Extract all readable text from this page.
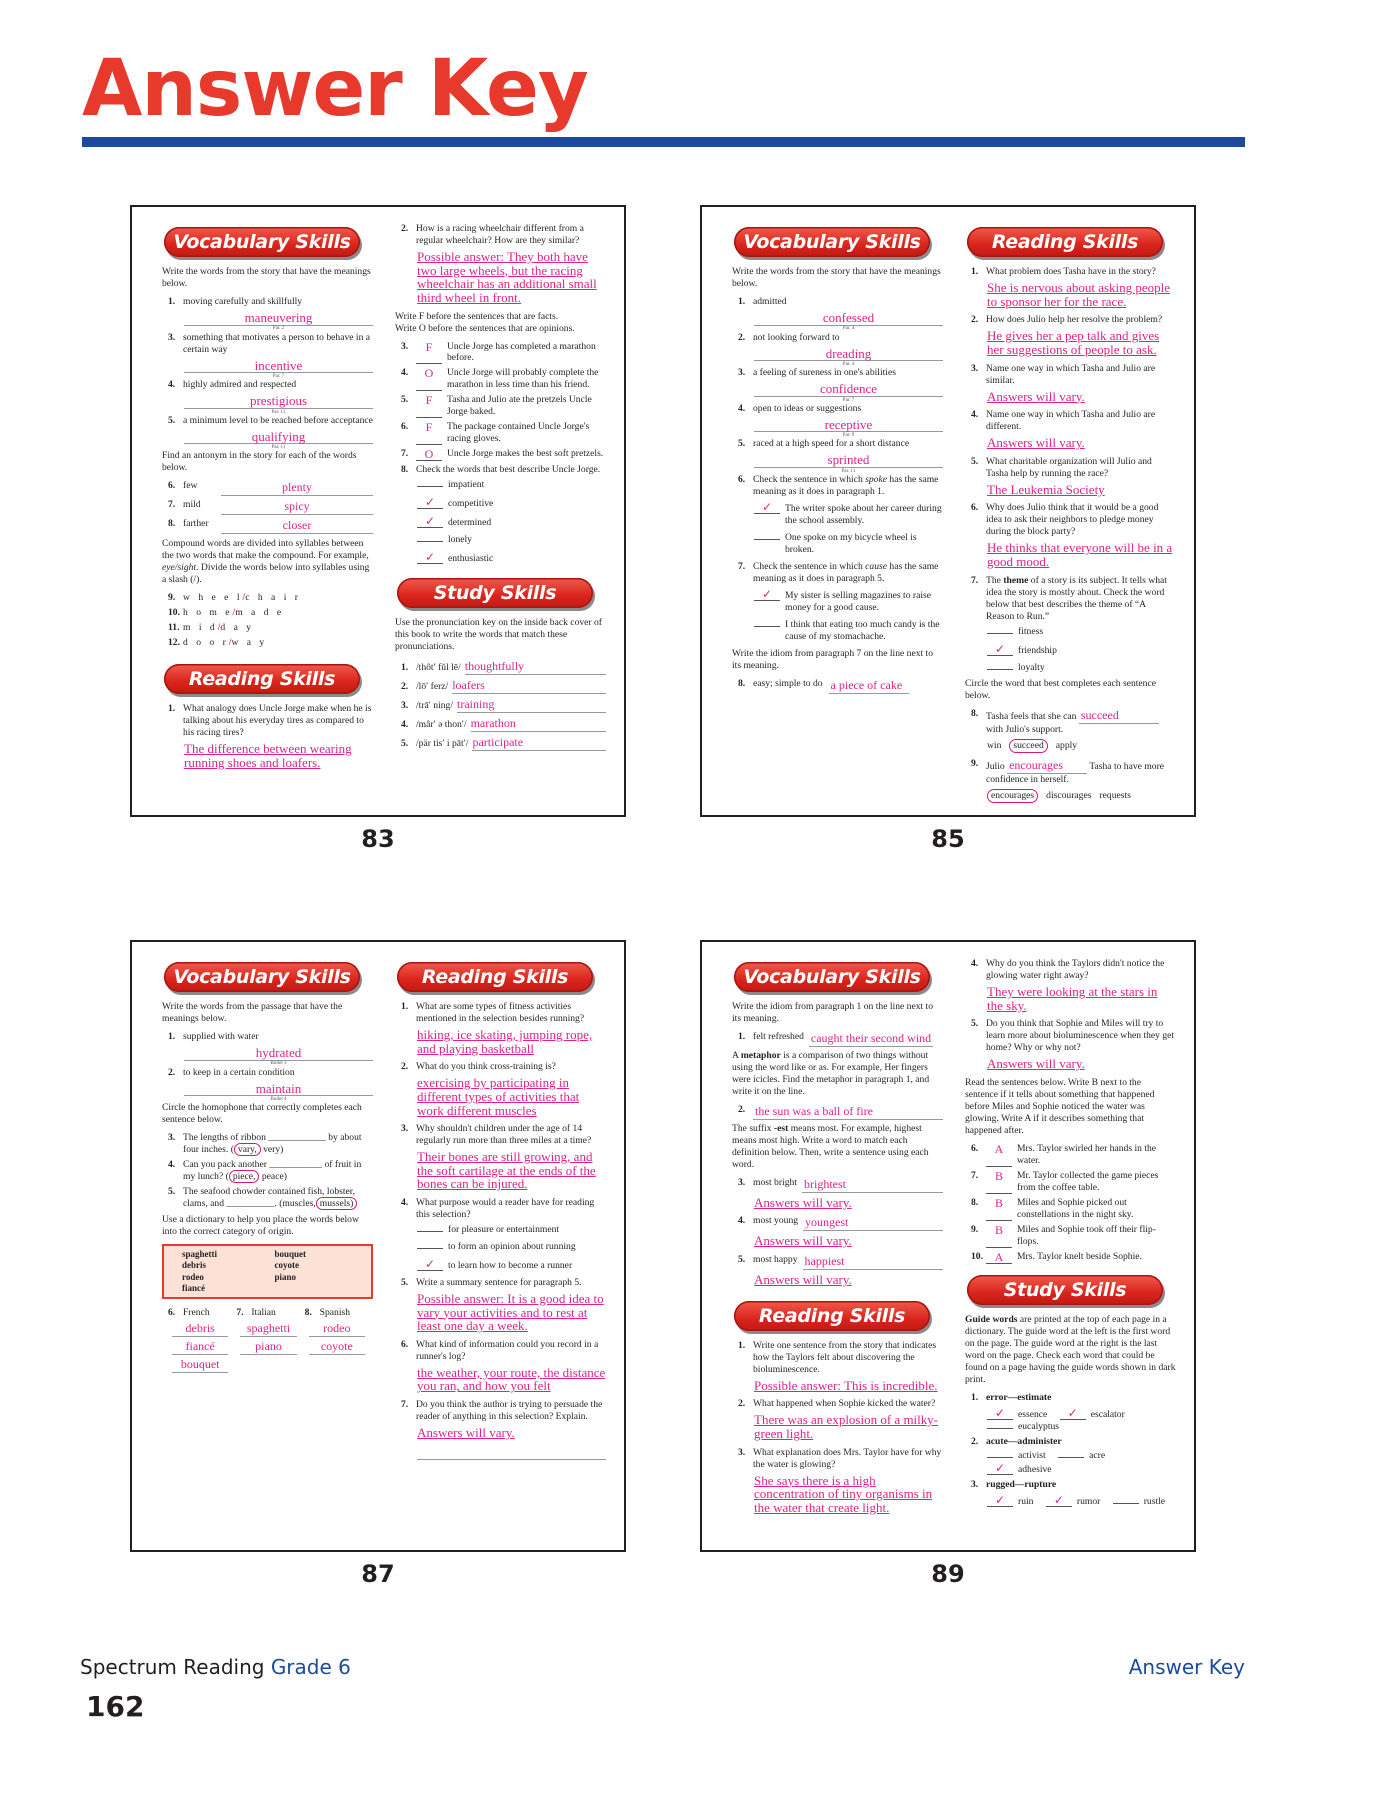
Answer Key
Vocabulary Skills
Write the words from the story that have the meanings below.
1. moving carefully and skillfully
maneuvering
Par. 2
3. something that motivates a person to behave in a certain way
incentive
Par. 7
4. highly admired and respected
prestigious
Par. 11
5. a minimum level to be reached before acceptance
qualifying
Par. 11
Find an antonym in the story for each of the words below.
6. few	plenty
7. mild	spicy
8. farther	closer
Compound words are divided into syllables between the two words that make the compound. For example, eye/sight. Divide the words below into syllables using a slash (/).
9. w h e e l/c h a i r
10. h o m e/m a d e
11. m i d/d a y
12. d o o r/w a y
Reading Skills
1. What analogy does Uncle Jorge make when he is talking about his everyday tires as compared to his racing tires?
The difference between wearing running shoes and loafers.
2. How is a racing wheelchair different from a regular wheelchair? How are they similar?
Possible answer: They both have two large wheels, but the racing wheelchair has an additional small third wheel in front.
Write F before the sentences that are facts.
Write O before the sentences that are opinions.
3.	F	Uncle Jorge has completed a marathon before.
4.	O	Uncle Jorge will probably complete the marathon in less time than his friend.
5.	F	Tasha and Julio ate the pretzels Uncle Jorge baked.
6.	F	The package contained Uncle Jorge's racing gloves.
7.	O	Uncle Jorge makes the best soft pretzels.
8. Check the words that best describe Uncle Jorge.
impatient
✓	competitive
✓	determined
lonely
✓	enthusiastic
Study Skills
Use the pronunciation key on the inside back cover of this book to write the words that match these pronunciations.
1. /thôt′ fŭl lē/ thoughtfully
2. /lō′ ferz/ loafers
3. /trā′ ning/ training
4. /mâr′ ə thon′/ marathon
5. /pär tis′ i pāt′/ participate
83
Vocabulary Skills
Write the words from the story that have the meanings below.
1. admitted
confessed
Par. 4
2. not looking forward to
dreading
Par. 4
3. a feeling of sureness in one's abilities
confidence
Par. 7
4. open to ideas or suggestions
receptive
Par. 9
5. raced at a high speed for a short distance
sprinted
Par. 11
6. Check the sentence in which spoke has the same meaning as it does in paragraph 1.
✓	The writer spoke about her career during the school assembly.
One spoke on my bicycle wheel is broken.
7. Check the sentence in which cause has the same meaning as it does in paragraph 5.
✓	My sister is selling magazines to raise money for a good cause.
I think that eating too much candy is the cause of my stomachache.
Write the idiom from paragraph 7 on the line next to its meaning.
8. easy; simple to do a piece of cake
Reading Skills
1. What problem does Tasha have in the story?
She is nervous about asking people to sponsor her for the race.
2. How does Julio help her resolve the problem?
He gives her a pep talk and gives her suggestions of people to ask.
3. Name one way in which Tasha and Julio are similar.
Answers will vary.
4. Name one way in which Tasha and Julio are different.
Answers will vary.
5. What charitable organization will Julio and Tasha help by running the race?
The Leukemia Society
6. Why does Julio think that it would be a good idea to ask their neighbors to pledge money during the block party?
He thinks that everyone will be in a good mood.
7. The theme of a story is its subject. It tells what idea the story is mostly about. Check the word below that best describes the theme of “A Reason to Run.”
fitness
✓	friendship
loyalty
Circle the word that best completes each sentence below.
8. Tasha feels that she can succeed with Julio's support.
win	succeed	apply
9. Julio encourages	Tasha to have more confidence in herself.
encourages	discourages requests
85
Vocabulary Skills
Write the words from the passage that have the meanings below.
1. supplied with water
hydrated
Bullet 3
2. to keep in a certain condition
maintain
Bullet 4
Circle the homophone that correctly completes each sentence below.
3. The lengths of ribbon ____________ by about four inches. ( vary, very)
4. Can you pack another ___________ of fruit in my lunch? ( piece, peace)
5. The seafood chowder contained fish, lobster, clams, and __________. (muscles, mussels)
Use a dictionary to help you place the words below into the correct category of origin.
spaghetti
debris
rodeo
fiancé
bouquet
coyote
piano
6. French
debris
fiancé
bouquet
7. Italian
spaghetti
piano
8. Spanish
rodeo
coyote
Reading Skills
1. What are some types of fitness activities mentioned in the selection besides running?
hiking, ice skating, jumping rope, and playing basketball
2. What do you think cross-training is?
exercising by participating in different types of activities that work different muscles
3. Why shouldn't children under the age of 14 regularly run more than three miles at a time?
Their bones are still growing, and the soft cartilage at the ends of the bones can be injured.
4. What purpose would a reader have for reading this selection?
for pleasure or entertainment
to form an opinion about running
✓	to learn how to become a runner
5. Write a summary sentence for paragraph 5.
Possible answer: It is a good idea to vary your activities and to rest at least one day a week.
6. What kind of information could you record in a runner's log?
the weather, your route, the distance you ran, and how you felt
7. Do you think the author is trying to persuade the reader of anything in this selection? Explain.
Answers will vary.

87
Vocabulary Skills
Write the idiom from paragraph 1 on the line next to its meaning.
1. felt refreshed caught their second wind
A metaphor is a comparison of two things without using the word like or as. For example, Her fingers were icicles. Find the metaphor in paragraph 1, and write it on the line.
2. the sun was a ball of fire
The suffix -est means most. For example, highest means most high. Write a word to match each definition below. Then, write a sentence using each word.
3. most bright brightest
Answers will vary.
4. most young youngest
Answers will vary.
5. most happy happiest
Answers will vary.
Reading Skills
1. Write one sentence from the story that indicates how the Taylors felt about discovering the bioluminescence.
Possible answer: This is incredible.
2. What happened when Sophie kicked the water?
There was an explosion of a milky-green light.
3. What explanation does Mrs. Taylor have for why the water is glowing?
She says there is a high concentration of tiny organisms in the water that create light.
4. Why do you think the Taylors didn't notice the glowing water right away?
They were looking at the stars in the sky.
5. Do you think that Sophie and Miles will try to learn more about bioluminescence when they get home? Why or why not?
Answers will vary.
Read the sentences below. Write B next to the sentence if it tells about something that happened before Miles and Sophie noticed the water was glowing. Write A if it describes something that happened after.
6.	A	Mrs. Taylor swirled her hands in the water.
7.	B	Mr. Taylor collected the game pieces from the coffee table.
8.	B	Miles and Sophie picked out constellations in the night sky.
9.	B	Miles and Sophie took off their flip-flops.
10. A	Mrs. Taylor knelt beside Sophie.
Study Skills
Guide words are printed at the top of each page in a dictionary. The guide word at the left is the first word on the page. The guide word at the right is the last word on the page. Check each word that could be found on a page having the guide words shown in dark print.
1. error—estimate
✓ essence ✓ escalator
eucalyptus
2. acute—administer
activist	acre
✓ adhesive
3. rugged—rupture
✓ ruin ✓ rumor	rustle
89
Spectrum Reading Grade 6	Answer Key
162
